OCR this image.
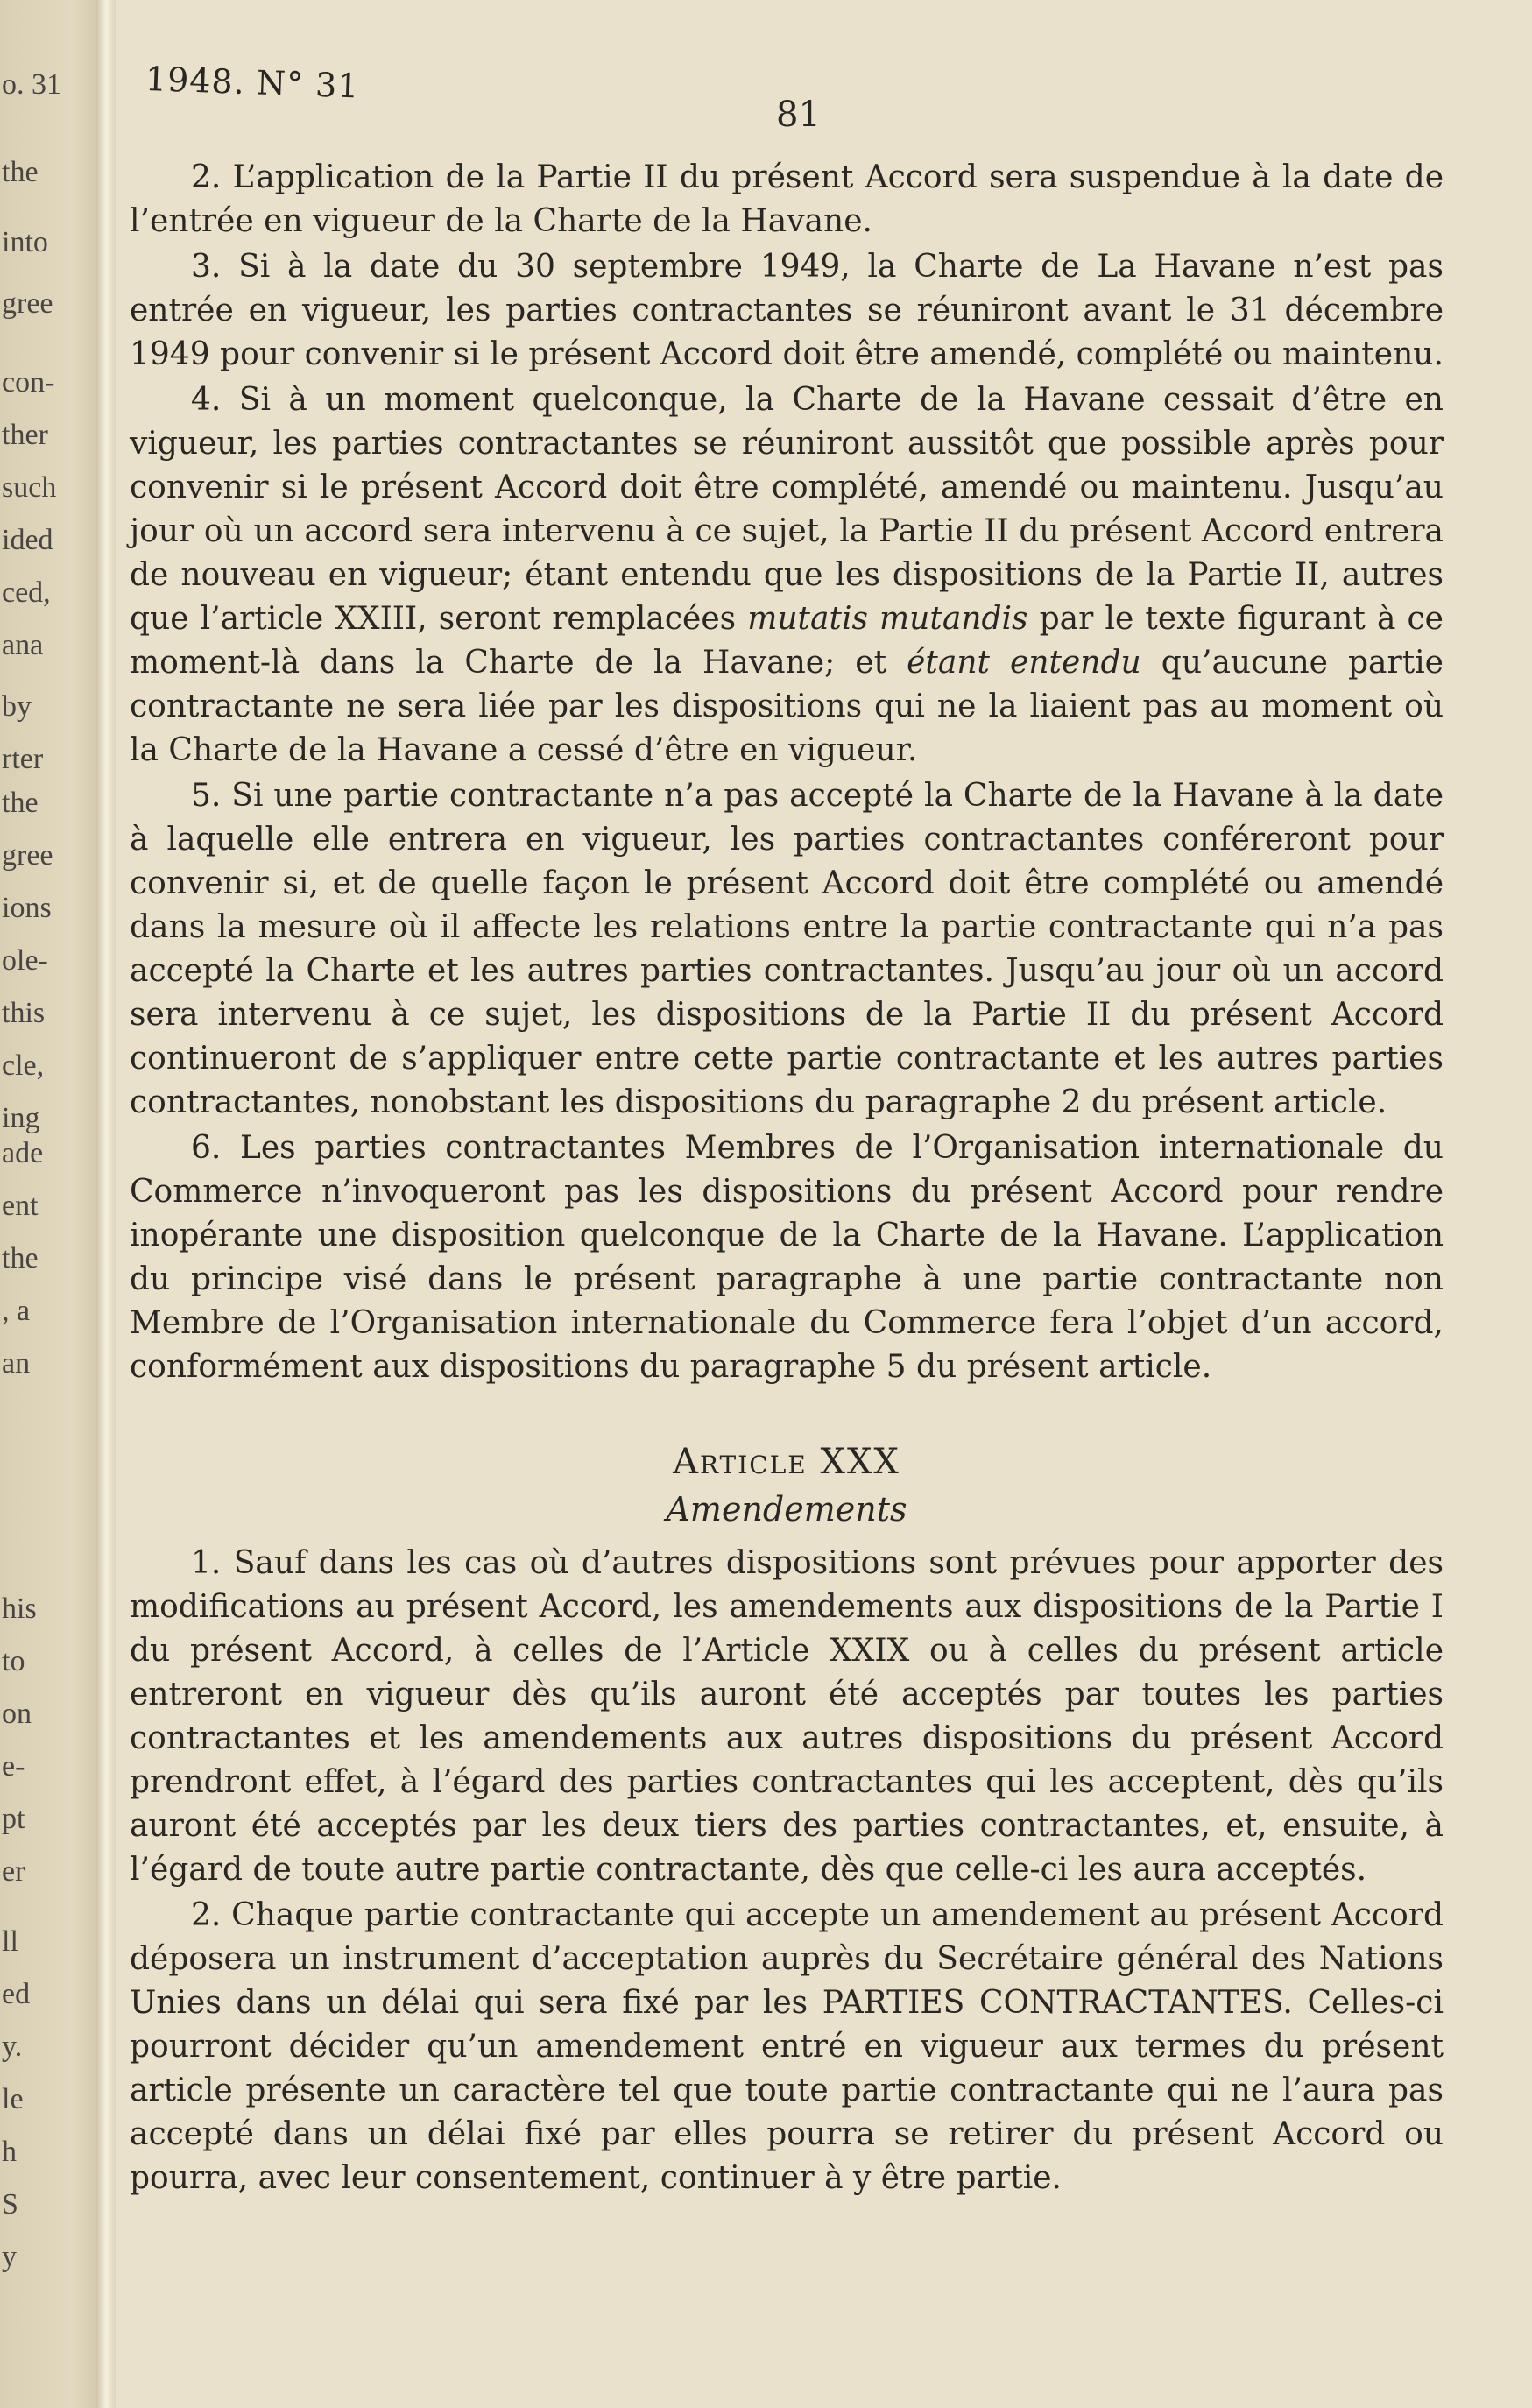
o. 31
the
into
gree
con-
ther
such
ided
ced,
ana
by
rter
the
gree
ions
ole-
this
cle,
ing
ade
ent
the
, a
an
his
to
on
e-
pt
er
ll
ed
y.
le
h
S
y
1948. N° 31
81

2. L’application de la Partie II du présent Accord sera suspendue à la date de l’entrée en vigueur de la Charte de la Havane.

3. Si à la date du 30 septembre 1949, la Charte de La Havane n’est pas entrée en vigueur, les parties contractantes se réuniront avant le 31 décembre 1949 pour convenir si le présent Accord doit être amendé, complété ou maintenu.

4. Si à un moment quelconque, la Charte de la Havane cessait d’être en vigueur, les parties contractantes se réuniront aussitôt que possible après pour convenir si le présent Accord doit être complété, amendé ou maintenu. Jusqu’au jour où un accord sera intervenu à ce sujet, la Partie II du présent Accord entrera de nouveau en vigueur; étant entendu que les dispositions de la Partie II, autres que l’article XXIII, seront remplacées mutatis mutandis par le texte figurant à ce moment-là dans la Charte de la Havane; et étant entendu qu’aucune partie contractante ne sera liée par les dispositions qui ne la liaient pas au moment où la Charte de la Havane a cessé d’être en vigueur.

5. Si une partie contractante n’a pas accepté la Charte de la Havane à la date à laquelle elle entrera en vigueur, les parties contractantes conféreront pour convenir si, et de quelle façon le présent Accord doit être complété ou amendé dans la mesure où il affecte les relations entre la partie contractante qui n’a pas accepté la Charte et les autres parties contractantes. Jusqu’au jour où un accord sera intervenu à ce sujet, les dispositions de la Partie II du présent Accord continueront de s’appliquer entre cette partie contractante et les autres parties contractantes, nonobstant les dispositions du paragraphe 2 du présent article.

6. Les parties contractantes Membres de l’Organisation internationale du Commerce n’invoqueront pas les dispositions du présent Accord pour rendre inopérante une disposition quelconque de la Charte de la Havane. L’application du principe visé dans le présent paragraphe à une partie contractante non Membre de l’Organisation internationale du Commerce fera l’objet d’un accord, conformément aux dispositions du paragraphe 5 du présent article.

Article XXX
Amendements

1. Sauf dans les cas où d’autres dispositions sont prévues pour apporter des modifications au présent Accord, les amendements aux dispositions de la Partie I du présent Accord, à celles de l’Article XXIX ou à celles du présent article entreront en vigueur dès qu’ils auront été acceptés par toutes les parties contractantes et les amendements aux autres dispositions du présent Accord prendront effet, à l’égard des parties contractantes qui les acceptent, dès qu’ils auront été acceptés par les deux tiers des parties contractantes, et, ensuite, à l’égard de toute autre partie contractante, dès que celle-ci les aura acceptés.

2. Chaque partie contractante qui accepte un amendement au présent Accord déposera un instrument d’acceptation auprès du Secrétaire général des Nations Unies dans un délai qui sera fixé par les PARTIES CONTRACTANTES. Celles-ci pourront décider qu’un amendement entré en vigueur aux termes du présent article présente un caractère tel que toute partie contractante qui ne l’aura pas accepté dans un délai fixé par elles pourra se retirer du présent Accord ou pourra, avec leur consentement, continuer à y être partie.
